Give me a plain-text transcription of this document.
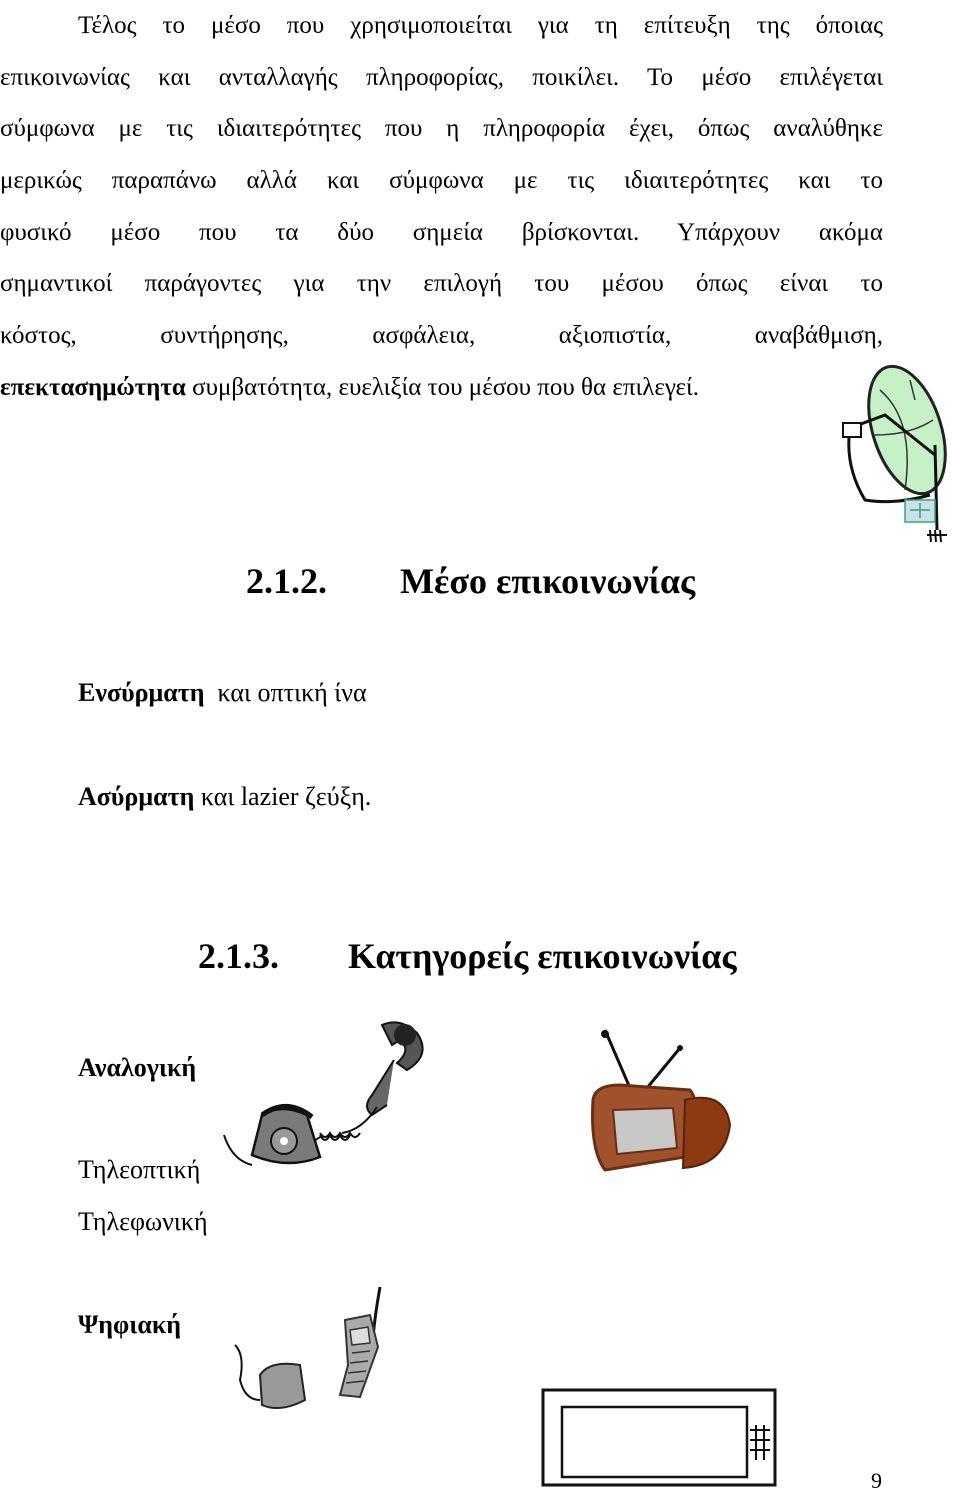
Τέλος το μέσο που χρησιμοποιείται για τη επίτευξη της όποιας
επικοινωνίας και ανταλλαγής πληροφορίας, ποικίλει. Το μέσο επιλέγεται
σύμφωνα με τις ιδιαιτερότητες που η πληροφορία έχει, όπως αναλύθηκε
μερικώς παραπάνω αλλά και σύμφωνα με τις ιδιαιτερότητες και το
φυσικό μέσο που τα δύο σημεία βρίσκονται. Υπάρχουν ακόμα
σημαντικοί παράγοντες για την επιλογή του μέσου όπως είναι το
κόστος,    συντήρησης,    ασφάλεια,    αξιοπιστία,    αναβάθμιση,
επεκτασημώτητα συμβατότητα, ευελιξία του μέσου που θα επιλεγεί.
2.1.2. Μέσο επικοινωνίας
Ενσύρματη  και οπτική ίνα
Ασύρματη και lazier ζεύξη.
2.1.3. Κατηγορείς επικοινωνίας
Αναλογική
Τηλεοπτική
Τηλεφωνική
Ψηφιακή
9
